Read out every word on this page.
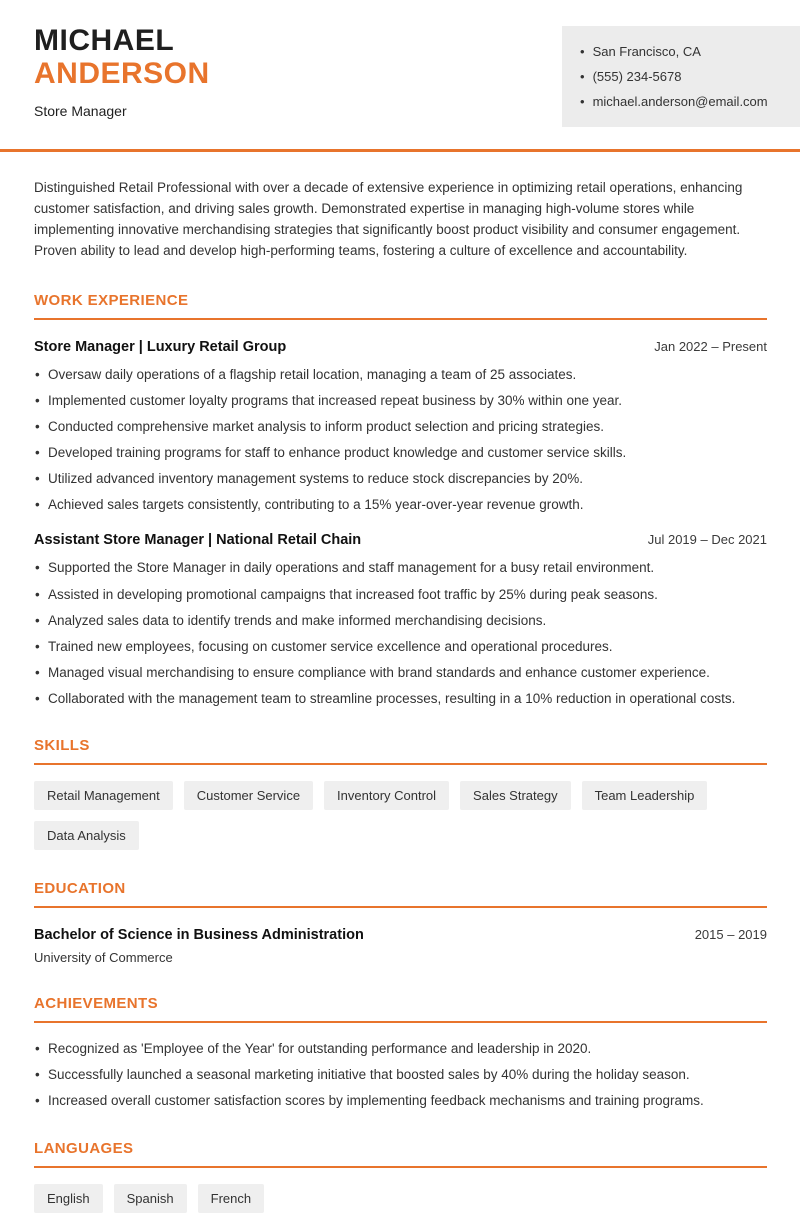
MICHAEL
ANDERSON
Store Manager
• San Francisco, CA
• (555) 234-5678
• michael.anderson@email.com

Distinguished Retail Professional with over a decade of extensive experience in optimizing retail operations, enhancing customer satisfaction, and driving sales growth. Demonstrated expertise in managing high-volume stores while implementing innovative merchandising strategies that significantly boost product visibility and consumer engagement. Proven ability to lead and develop high-performing teams, fostering a culture of excellence and accountability.

WORK EXPERIENCE
Store Manager | Luxury Retail Group	Jan 2022 – Present
• Oversaw daily operations of a flagship retail location, managing a team of 25 associates.
• Implemented customer loyalty programs that increased repeat business by 30% within one year.
• Conducted comprehensive market analysis to inform product selection and pricing strategies.
• Developed training programs for staff to enhance product knowledge and customer service skills.
• Utilized advanced inventory management systems to reduce stock discrepancies by 20%.
• Achieved sales targets consistently, contributing to a 15% year-over-year revenue growth.
Assistant Store Manager | National Retail Chain	Jul 2019 – Dec 2021
• Supported the Store Manager in daily operations and staff management for a busy retail environment.
• Assisted in developing promotional campaigns that increased foot traffic by 25% during peak seasons.
• Analyzed sales data to identify trends and make informed merchandising decisions.
• Trained new employees, focusing on customer service excellence and operational procedures.
• Managed visual merchandising to ensure compliance with brand standards and enhance customer experience.
• Collaborated with the management team to streamline processes, resulting in a 10% reduction in operational costs.
SKILLS
Retail Management	Customer Service	Inventory Control	Sales Strategy	Team Leadership
Data Analysis
EDUCATION
Bachelor of Science in Business Administration	2015 – 2019
University of Commerce
ACHIEVEMENTS
• Recognized as 'Employee of the Year' for outstanding performance and leadership in 2020.
• Successfully launched a seasonal marketing initiative that boosted sales by 40% during the holiday season.
• Increased overall customer satisfaction scores by implementing feedback mechanisms and training programs.
LANGUAGES
English	Spanish	French
